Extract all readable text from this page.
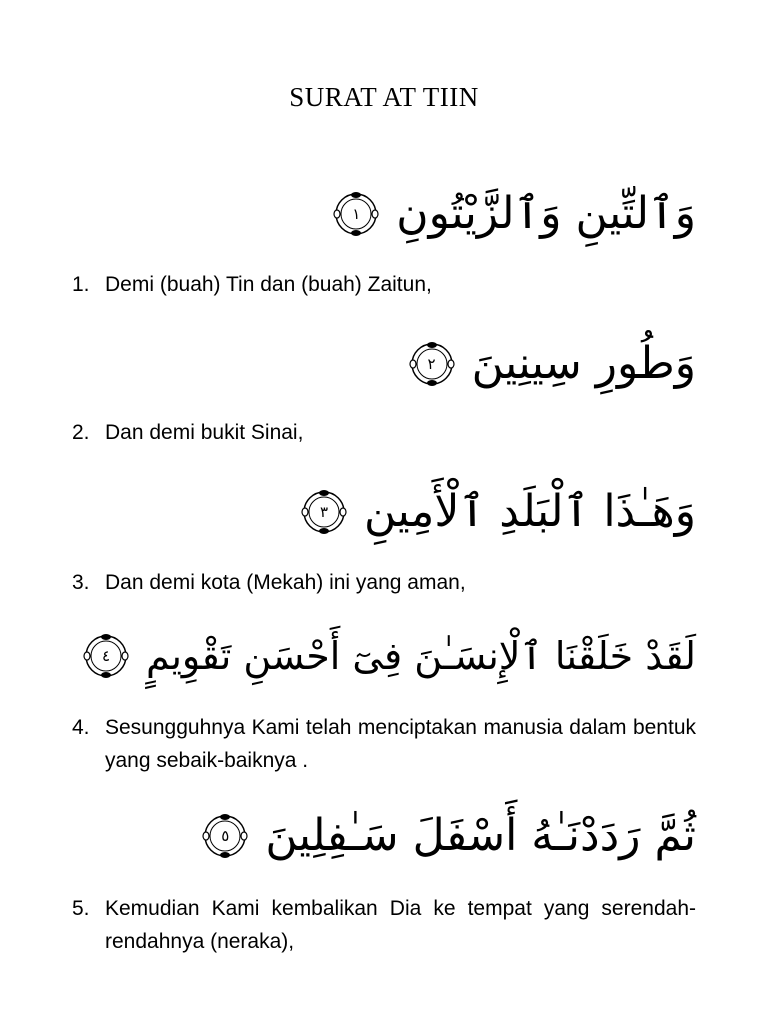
SURAT AT TIIN
وَٱلتِّينِ وَٱلزَّيْتُونِ
١
1. Demi (buah) Tin dan (buah) Zaitun,
وَطُورِ سِينِينَ
٢
2. Dan demi bukit Sinai,
وَهَـٰذَا ٱلْبَلَدِ ٱلْأَمِينِ
٣
3. Dan demi kota (Mekah) ini yang aman,
لَقَدْ خَلَقْنَا ٱلْإِنسَـٰنَ فِىٓ أَحْسَنِ تَقْوِيمٍ
٤
4. Sesungguhnya Kami telah menciptakan manusia dalam bentuk yang sebaik-baiknya .
ثُمَّ رَدَدْنَـٰهُ أَسْفَلَ سَـٰفِلِينَ
٥
5. Kemudian Kami kembalikan Dia ke tempat yang serendah-rendahnya (neraka),
